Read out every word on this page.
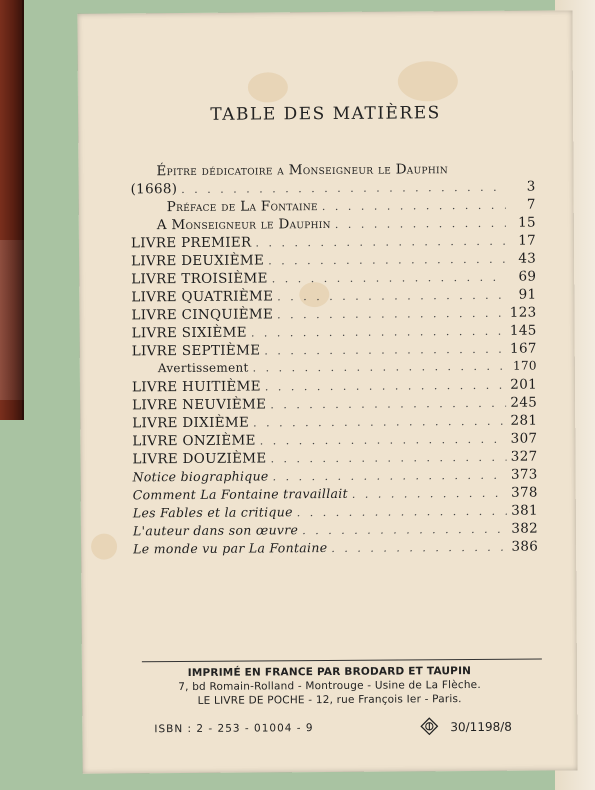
TABLE DES MATIÈRES
Épitre dédicatoire a Monseigneur le Dauphin
(1668) . . .	3
Préface de La Fontaine . . .	7
A Monseigneur le Dauphin . . .	15
LIVRE PREMIER . . .	17
LIVRE DEUXIÈME . . .	43
LIVRE TROISIÈME . . .	69
LIVRE QUATRIÈME . . .	91
LIVRE CINQUIÈME . . .	123
LIVRE SIXIÈME . . .	145
LIVRE SEPTIÈME . . .	167
Avertissement . . .	170
LIVRE HUITIÈME . . .	201
LIVRE NEUVIÈME . . .	245
LIVRE DIXIÈME . . .	281
LIVRE ONZIÈME . . .	307
LIVRE DOUZIÈME . . .	327
Notice biographique . . .	373
Comment La Fontaine travaillait . . .	378
Les Fables et la critique . . .	381
L'auteur dans son œuvre . . .	382
Le monde vu par La Fontaine . . .	386
IMPRIMÉ EN FRANCE PAR BRODARD ET TAUPIN
7, bd Romain-Rolland - Montrouge - Usine de La Flèche.
LE LIVRE DE POCHE - 12, rue François Ier - Paris.
ISBN : 2 - 253 - 01004 - 9	30/1198/8
